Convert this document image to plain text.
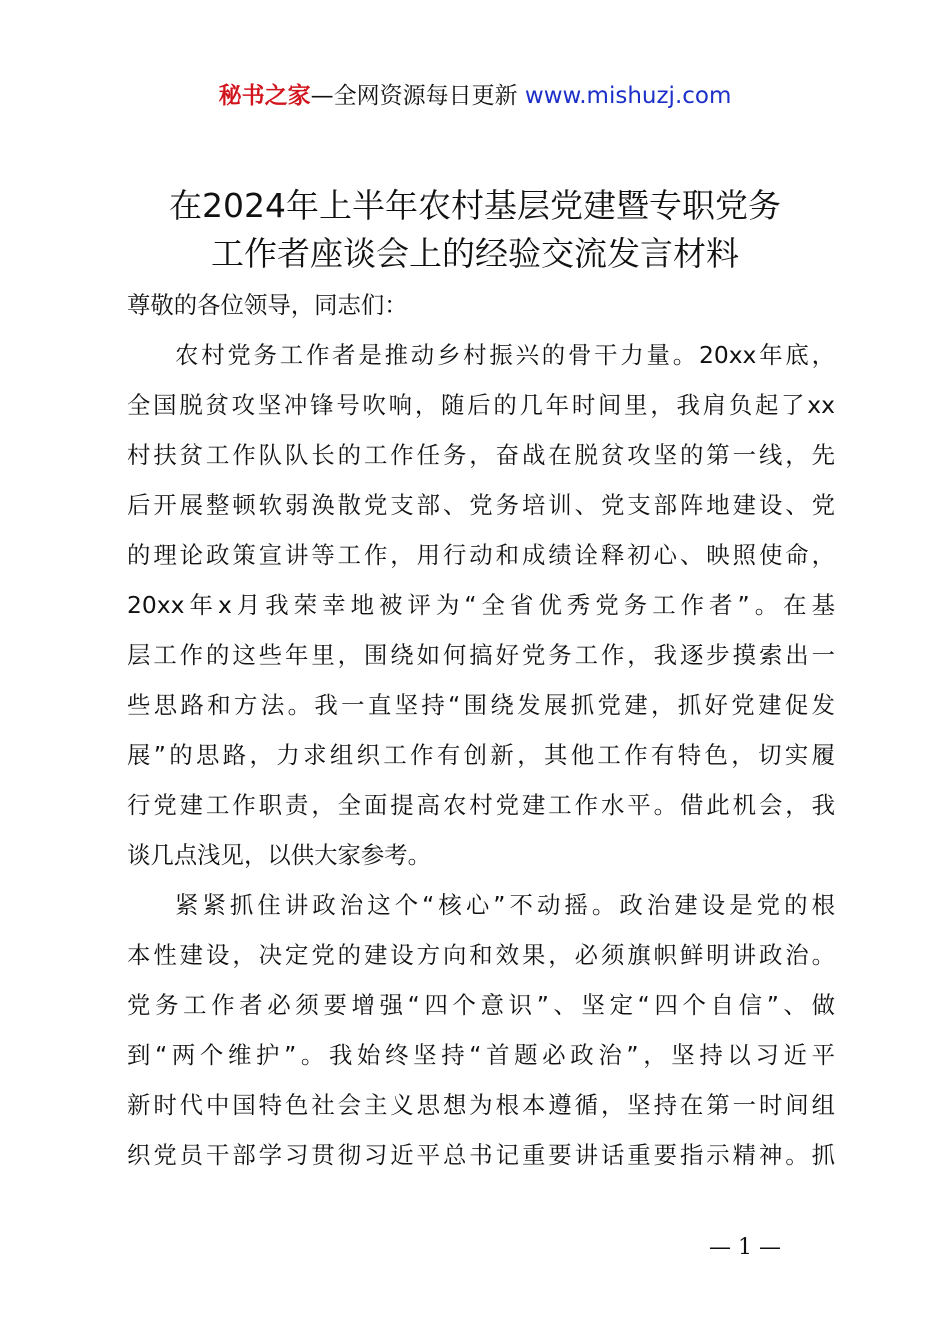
秘书之家—全网资源每日更新 www.mishuzj.com
在2024年上半年农村基层党建暨专职党务
工作者座谈会上的经验交流发言材料
尊敬的各位领导，同志们：
农村党务工作者是推动乡村振兴的骨干力量。20xx年底，
全国脱贫攻坚冲锋号吹响，随后的几年时间里，我肩负起了xx
村扶贫工作队队长的工作任务，奋战在脱贫攻坚的第一线，先
后开展整顿软弱涣散党支部、党务培训、党支部阵地建设、党
的理论政策宣讲等工作，用行动和成绩诠释初心、映照使命，
20xx年x月我荣幸地被评为“全省优秀党务工作者”。在基
层工作的这些年里，围绕如何搞好党务工作，我逐步摸索出一
些思路和方法。我一直坚持“围绕发展抓党建，抓好党建促发
展”的思路，力求组织工作有创新，其他工作有特色，切实履
行党建工作职责，全面提高农村党建工作水平。借此机会，我
谈几点浅见，以供大家参考。
紧紧抓住讲政治这个“核心”不动摇。政治建设是党的根
本性建设，决定党的建设方向和效果，必须旗帜鲜明讲政治。
党务工作者必须要增强“四个意识”、坚定“四个自信”、做
到“两个维护”。我始终坚持“首题必政治”，坚持以习近平
新时代中国特色社会主义思想为根本遵循，坚持在第一时间组
织党员干部学习贯彻习近平总书记重要讲话重要指示精神。抓
— 1 —
